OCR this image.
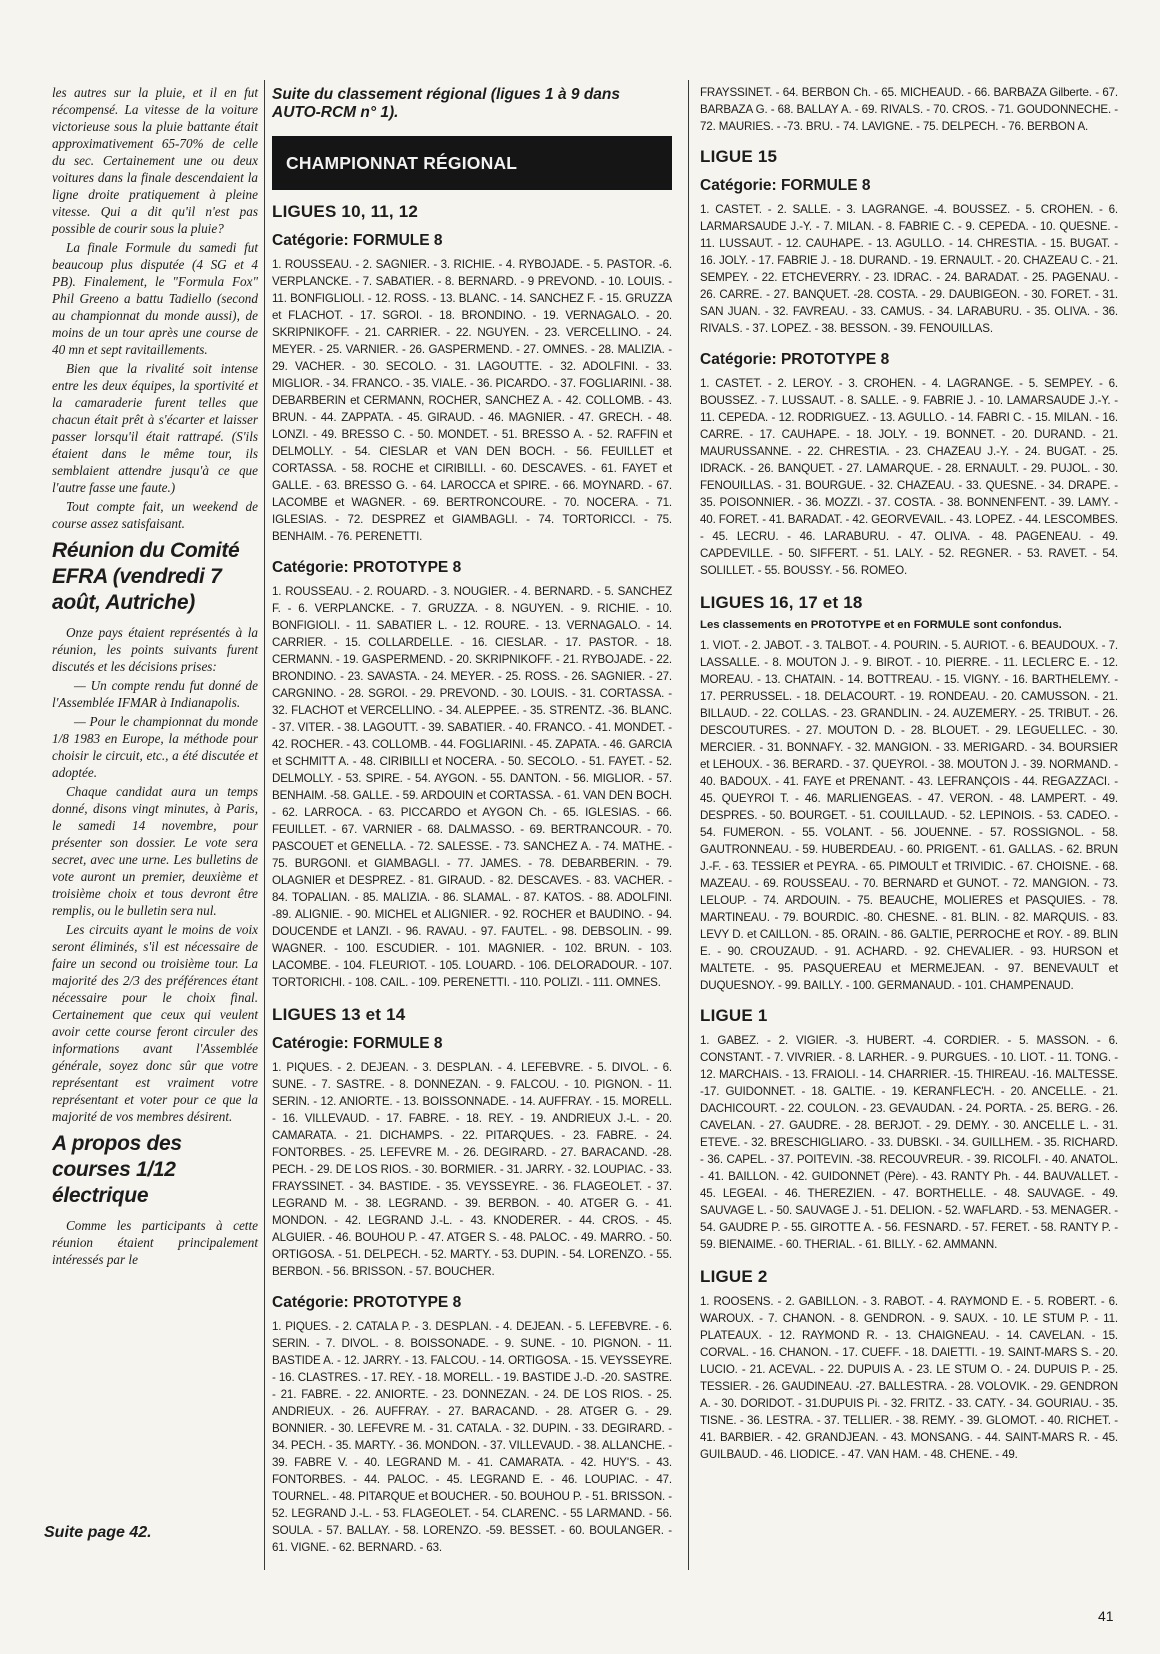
les autres sur la pluie, et il en fut récompensé. La vitesse de la voiture victorieuse sous la pluie battante était approximativement 65-70% de celle du sec. Certainement une ou deux voitures dans la finale descendaient la ligne droite pratiquement à pleine vitesse. Qui a dit qu'il n'est pas possible de courir sous la pluie?

La finale Formule du samedi fut beaucoup plus disputée (4 SG et 4 PB). Finalement, le "Formula Fox" Phil Greeno a battu Tadiello (second au championnat du monde aussi), de moins de un tour après une course de 40 mn et sept ravitaillements.

Bien que la rivalité soit intense entre les deux équipes, la sportivité et la camaraderie furent telles que chacun était prêt à s'écarter et laisser passer lorsqu'il était rattrapé. (S'ils étaient dans le même tour, ils semblaient attendre jusqu'à ce que l'autre fasse une faute.)

Tout compte fait, un weekend de course assez satisfaisant.

Réunion du Comité EFRA (vendredi 7 août, Autriche)

Onze pays étaient représentés à la réunion, les points suivants furent discutés et les décisions prises:

— Un compte rendu fut donné de l'Assemblée IFMAR à Indianapolis.

— Pour le championnat du monde 1/8 1983 en Europe, la méthode pour choisir le circuit, etc., a été discutée et adoptée.

Chaque candidat aura un temps donné, disons vingt minutes, à Paris, le samedi 14 novembre, pour présenter son dossier. Le vote sera secret, avec une urne. Les bulletins de vote auront un premier, deuxième et troisième choix et tous devront être remplis, ou le bulletin sera nul.

Les circuits ayant le moins de voix seront éliminés, s'il est nécessaire de faire un second ou troisième tour. La majorité des 2/3 des préférences étant nécessaire pour le choix final. Certainement que ceux qui veulent avoir cette course feront circuler des informations avant l'Assemblée générale, soyez donc sûr que votre représentant est vraiment votre représentant et voter pour ce que la majorité de vos membres désirent.

A propos des courses 1/12 électrique

Comme les participants à cette réunion étaient principalement intéressés par le

Suite page 42.

Suite du classement régional (ligues 1 à 9 dans AUTO-RCM n° 1).

CHAMPIONNAT RÉGIONAL
LIGUES 10, 11, 12
Catégorie: FORMULE 8

1. ROUSSEAU. - 2. SAGNIER. - 3. RICHIE. - 4. RYBOJADE. - 5. PASTOR. -6. VERPLANCKE. - 7. SABATIER. - 8. BERNARD. - 9 PREVOND. - 10. LOUIS. - 11. BONFIGLIOLI. - 12. ROSS. - 13. BLANC. - 14. SANCHEZ F. - 15. GRUZZA et FLACHOT. - 17. SGROI. - 18. BRONDINO. - 19. VERNAGALO. - 20. SKRIPNIKOFF. - 21. CARRIER. - 22. NGUYEN. - 23. VERCELLINO. - 24. MEYER. - 25. VARNIER. - 26. GASPERMEND. - 27. OMNES. - 28. MALIZIA. - 29. VACHER. - 30. SECOLO. - 31. LAGOUTTE. - 32. ADOLFINI. - 33. MIGLIOR. - 34. FRANCO. - 35. VIALE. - 36. PICARDO. - 37. FOGLIARINI. - 38. DEBARBERIN et CERMANN, ROCHER, SANCHEZ A. - 42. COLLOMB. - 43. BRUN. - 44. ZAPPATA. - 45. GIRAUD. - 46. MAGNIER. - 47. GRECH. - 48. LONZI. - 49. BRESSO C. - 50. MONDET. - 51. BRESSO A. - 52. RAFFIN et DELMOLLY. - 54. CIESLAR et VAN DEN BOCH. - 56. FEUILLET et CORTASSA. - 58. ROCHE et CIRIBILLI. - 60. DESCAVES. - 61. FAYET et GALLE. - 63. BRESSO G. - 64. LAROCCA et SPIRE. - 66. MOYNARD. - 67. LACOMBE et WAGNER. - 69. BERTRONCOURE. - 70. NOCERA. - 71. IGLESIAS. - 72. DESPREZ et GIAMBAGLI. - 74. TORTORICCI. - 75. BENHAIM. - 76. PERENETTI.

Catégorie: PROTOTYPE 8

1. ROUSSEAU. - 2. ROUARD. - 3. NOUGIER. - 4. BERNARD. - 5. SANCHEZ F. - 6. VERPLANCKE. - 7. GRUZZA. - 8. NGUYEN. - 9. RICHIE. - 10. BONFIGIOLI. - 11. SABATIER L. - 12. ROURE. - 13. VERNAGALO. - 14. CARRIER. - 15. COLLARDELLE. - 16. CIESLAR. - 17. PASTOR. - 18. CERMANN. - 19. GASPERMEND. - 20. SKRIPNIKOFF. - 21. RYBOJADE. - 22. BRONDINO. - 23. SAVASTA. - 24. MEYER. - 25. ROSS. - 26. SAGNIER. - 27. CARGNINO. - 28. SGROI. - 29. PREVOND. - 30. LOUIS. - 31. CORTASSA. - 32. FLACHOT et VERCELLINO. - 34. ALEPPEE. - 35. STRENTZ. -36. BLANC. - 37. VITER. - 38. LAGOUTT. - 39. SABATIER. - 40. FRANCO. - 41. MONDET. - 42. ROCHER. - 43. COLLOMB. - 44. FOGLIARINI. - 45. ZAPATA. - 46. GARCIA et SCHMITT A. - 48. CIRIBILLI et NOCERA. - 50. SECOLO. - 51. FAYET. - 52. DELMOLLY. - 53. SPIRE. - 54. AYGON. - 55. DANTON. - 56. MIGLIOR. - 57. BENHAIM. -58. GALLE. - 59. ARDOUIN et CORTASSA. - 61. VAN DEN BOCH. - 62. LARROCA. - 63. PICCARDO et AYGON Ch. - 65. IGLESIAS. - 66. FEUILLET. - 67. VARNIER - 68. DALMASSO. - 69. BERTRANCOUR. - 70. PASCOUET et GENELLA. - 72. SALESSE. - 73. SANCHEZ A. - 74. MATHE. - 75. BURGONI. et GIAMBAGLI. - 77. JAMES. - 78. DEBARBERIN. - 79. OLAGNIER et DESPREZ. - 81. GIRAUD. - 82. DESCAVES. - 83. VACHER. - 84. TOPALIAN. - 85. MALIZIA. - 86. SLAMAL. - 87. KATOS. - 88. ADOLFINI. -89. ALIGNIE. - 90. MICHEL et ALIGNIER. - 92. ROCHER et BAUDINO. - 94. DOUCENDE et LANZI. - 96. RAVAU. - 97. FAUTEL. - 98. DEBSOLIN. - 99. WAGNER. - 100. ESCUDIER. - 101. MAGNIER. - 102. BRUN. - 103. LACOMBE. - 104. FLEURIOT. - 105. LOUARD. - 106. DELORADOUR. - 107. TORTORICHI. - 108. CAIL. - 109. PERENETTI. - 110. POLIZI. - 111. OMNES.

LIGUES 13 et 14
Catérogie: FORMULE 8

1. PIQUES. - 2. DEJEAN. - 3. DESPLAN. - 4. LEFEBVRE. - 5. DIVOL. - 6. SUNE. - 7. SASTRE. - 8. DONNEZAN. - 9. FALCOU. - 10. PIGNON. - 11. SERIN. - 12. ANIORTE. - 13. BOISSONNADE. - 14. AUFFRAY. - 15. MORELL. - 16. VILLEVAUD. - 17. FABRE. - 18. REY. - 19. ANDRIEUX J.-L. - 20. CAMARATA. - 21. DICHAMPS. - 22. PITARQUES. - 23. FABRE. - 24. FONTORBES. - 25. LEFEVRE M. - 26. DEGIRARD. - 27. BARACAND. -28. PECH. - 29. DE LOS RIOS. - 30. BORMIER. - 31. JARRY. - 32. LOUPIAC. - 33. FRAYSSINET. - 34. BASTIDE. - 35. VEYSSEYRE. - 36. FLAGEOLET. - 37. LEGRAND M. - 38. LEGRAND. - 39. BERBON. - 40. ATGER G. - 41. MONDON. - 42. LEGRAND J.-L. - 43. KNODERER. - 44. CROS. - 45. ALGUIER. - 46. BOUHOU P. - 47. ATGER S. - 48. PALOC. - 49. MARRO. - 50. ORTIGOSA. - 51. DELPECH. - 52. MARTY. - 53. DUPIN. - 54. LORENZO. - 55. BERBON. - 56. BRISSON. - 57. BOUCHER.

Catégorie: PROTOTYPE 8

1. PIQUES. - 2. CATALA P. - 3. DESPLAN. - 4. DEJEAN. - 5. LEFEBVRE. - 6. SERIN. - 7. DIVOL. - 8. BOISSONADE. - 9. SUNE. - 10. PIGNON. - 11. BASTIDE A. - 12. JARRY. - 13. FALCOU. - 14. ORTIGOSA. - 15. VEYSSEYRE. - 16. CLASTRES. - 17. REY. - 18. MORELL. - 19. BASTIDE J.-D. -20. SASTRE. - 21. FABRE. - 22. ANIORTE. - 23. DONNEZAN. - 24. DE LOS RIOS. - 25. ANDRIEUX. - 26. AUFFRAY. - 27. BARACAND. - 28. ATGER G. - 29. BONNIER. - 30. LEFEVRE M. - 31. CATALA. - 32. DUPIN. - 33. DEGIRARD. - 34. PECH. - 35. MARTY. - 36. MONDON. - 37. VILLEVAUD. - 38. ALLANCHE. - 39. FABRE V. - 40. LEGRAND M. - 41. CAMARATA. - 42. HUY'S. - 43. FONTORBES. - 44. PALOC. - 45. LEGRAND E. - 46. LOUPIAC. - 47. TOURNEL. - 48. PITARQUE et BOUCHER. - 50. BOUHOU P. - 51. BRISSON. - 52. LEGRAND J.-L. - 53. FLAGEOLET. - 54. CLARENC. - 55 LARMAND. - 56. SOULA. - 57. BALLAY. - 58. LORENZO. -59. BESSET. - 60. BOULANGER. - 61. VIGNE. - 62. BERNARD. - 63.

FRAYSSINET. - 64. BERBON Ch. - 65. MICHEAUD. - 66. BARBAZA Gilberte. - 67. BARBAZA G. - 68. BALLAY A. - 69. RIVALS. - 70. CROS. - 71. GOUDONNECHE. - 72. MAURIES. - -73. BRU. - 74. LAVIGNE. - 75. DELPECH. - 76. BERBON A.

LIGUE 15
Catégorie: FORMULE 8

1. CASTET. - 2. SALLE. - 3. LAGRANGE. -4. BOUSSEZ. - 5. CROHEN. - 6. LARMARSAUDE J.-Y. - 7. MILAN. - 8. FABRIE C. - 9. CEPEDA. - 10. QUESNE. - 11. LUSSAUT. - 12. CAUHAPE. - 13. AGULLO. - 14. CHRESTIA. - 15. BUGAT. - 16. JOLY. - 17. FABRIE J. - 18. DURAND. - 19. ERNAULT. - 20. CHAZEAU C. - 21. SEMPEY. - 22. ETCHEVERRY. - 23. IDRAC. - 24. BARADAT. - 25. PAGENAU. - 26. CARRE. - 27. BANQUET. -28. COSTA. - 29. DAUBIGEON. - 30. FORET. - 31. SAN JUAN. - 32. FAVREAU. - 33. CAMUS. - 34. LARABURU. - 35. OLIVA. - 36. RIVALS. - 37. LOPEZ. - 38. BESSON. - 39. FENOUILLAS.

Catégorie: PROTOTYPE 8

1. CASTET. - 2. LEROY. - 3. CROHEN. - 4. LAGRANGE. - 5. SEMPEY. - 6. BOUSSEZ. - 7. LUSSAUT. - 8. SALLE. - 9. FABRIE J. - 10. LAMARSAUDE J.-Y. - 11. CEPEDA. - 12. RODRIGUEZ. - 13. AGULLO. - 14. FABRI C. - 15. MILAN. - 16. CARRE. - 17. CAUHAPE. - 18. JOLY. - 19. BONNET. - 20. DURAND. - 21. MAURUSSANNE. - 22. CHRESTIA. - 23. CHAZEAU J.-Y. - 24. BUGAT. - 25. IDRACK. - 26. BANQUET. - 27. LAMARQUE. - 28. ERNAULT. - 29. PUJOL. - 30. FENOUILLAS. - 31. BOURGUE. - 32. CHAZEAU. - 33. QUESNE. - 34. DRAPE. - 35. POISONNIER. - 36. MOZZI. - 37. COSTA. - 38. BONNENFENT. - 39. LAMY. - 40. FORET. - 41. BARADAT. - 42. GEORVEVAIL. - 43. LOPEZ. - 44. LESCOMBES. - 45. LECRU. - 46. LARABURU. - 47. OLIVA. - 48. PAGENEAU. - 49. CAPDEVILLE. - 50. SIFFERT. - 51. LALY. - 52. REGNER. - 53. RAVET. - 54. SOLILLET. - 55. BOUSSY. - 56. ROMEO.

LIGUES 16, 17 et 18
Les classements en PROTOTYPE et en FORMULE sont confondus.

1. VIOT. - 2. JABOT. - 3. TALBOT. - 4. POURIN. - 5. AURIOT. - 6. BEAUDOUX. - 7. LASSALLE. - 8. MOUTON J. - 9. BIROT. - 10. PIERRE. - 11. LECLERC E. - 12. MOREAU. - 13. CHATAIN. - 14. BOTTREAU. - 15. VIGNY. - 16. BARTHELEMY. - 17. PERRUSSEL. - 18. DELACOURT. - 19. RONDEAU. - 20. CAMUSSON. - 21. BILLAUD. - 22. COLLAS. - 23. GRANDLIN. - 24. AUZEMERY. - 25. TRIBUT. - 26. DESCOUTURES. - 27. MOUTON D. - 28. BLOUET. - 29. LEGUELLEC. - 30. MERCIER. - 31. BONNAFY. - 32. MANGION. - 33. MERIGARD. - 34. BOURSIER et LEHOUX. - 36. BERARD. - 37. QUEYROI. - 38. MOUTON J. - 39. NORMAND. - 40. BADOUX. - 41. FAYE et PRENANT. - 43. LEFRANÇOIS - 44. REGAZZACI. - 45. QUEYROI T. - 46. MARLIENGEAS. - 47. VERON. - 48. LAMPERT. - 49. DESPRES. - 50. BOURGET. - 51. COUILLAUD. - 52. LEPINOIS. - 53. CADEO. - 54. FUMERON. - 55. VOLANT. - 56. JOUENNE. - 57. ROSSIGNOL. - 58. GAUTRONNEAU. - 59. HUBERDEAU. - 60. PRIGENT. - 61. GALLAS. - 62. BRUN J.-F. - 63. TESSIER et PEYRA. - 65. PIMOULT et TRIVIDIC. - 67. CHOISNE. - 68. MAZEAU. - 69. ROUSSEAU. - 70. BERNARD et GUNOT. - 72. MANGION. - 73. LELOUP. - 74. ARDOUIN. - 75. BEAUCHE, MOLIERES et PASQUIES. - 78. MARTINEAU. - 79. BOURDIC. -80. CHESNE. - 81. BLIN. - 82. MARQUIS. - 83. LEVY D. et CAILLON. - 85. ORAIN. - 86. GALTIE, PERROCHE et ROY. - 89. BLIN E. - 90. CROUZAUD. - 91. ACHARD. - 92. CHEVALIER. - 93. HURSON et MALTETE. - 95. PASQUEREAU et MERMEJEAN. - 97. BENEVAULT et DUQUESNOY. - 99. BAILLY. - 100. GERMANAUD. - 101. CHAMPENAUD.

LIGUE 1

1. GABEZ. - 2. VIGIER. -3. HUBERT. -4. CORDIER. - 5. MASSON. - 6. CONSTANT. - 7. VIVRIER. - 8. LARHER. - 9. PURGUES. - 10. LIOT. - 11. TONG. - 12. MARCHAIS. - 13. FRAIOLI. - 14. CHARRIER. -15. THIREAU. -16. MALTESSE. -17. GUIDONNET. - 18. GALTIE. - 19. KERANFLEC'H. - 20. ANCELLE. - 21. DACHICOURT. - 22. COULON. - 23. GEVAUDAN. - 24. PORTA. - 25. BERG. - 26. CAVELAN. - 27. GAUDRE. - 28. BERJOT. - 29. DEMY. - 30. ANCELLE L. - 31. ETEVE. - 32. BRESCHIGLIARO. - 33. DUBSKI. - 34. GUILLHEM. - 35. RICHARD. - 36. CAPEL. - 37. POITEVIN. -38. RECOUVREUR. - 39. RICOLFI. - 40. ANATOL. - 41. BAILLON. - 42. GUIDONNET (Père). - 43. RANTY Ph. - 44. BAUVALLET. - 45. LEGEAI. - 46. THEREZIEN. - 47. BORTHELLE. - 48. SAUVAGE. - 49. SAUVAGE L. - 50. SAUVAGE J. - 51. DELION. - 52. WAFLARD. - 53. MENAGER. - 54. GAUDRE P. - 55. GIROTTE A. - 56. FESNARD. - 57. FERET. - 58. RANTY P. - 59. BIENAIME. - 60. THERIAL. - 61. BILLY. - 62. AMMANN.

LIGUE 2

1. ROOSENS. - 2. GABILLON. - 3. RABOT. - 4. RAYMOND E. - 5. ROBERT. - 6. WAROUX. - 7. CHANON. - 8. GENDRON. - 9. SAUX. - 10. LE STUM P. - 11. PLATEAUX. - 12. RAYMOND R. - 13. CHAIGNEAU. - 14. CAVELAN. - 15. CORVAL. - 16. CHANON. - 17. CUEFF. - 18. DAIETTI. - 19. SAINT-MARS S. - 20. LUCIO. - 21. ACEVAL. - 22. DUPUIS A. - 23. LE STUM O. - 24. DUPUIS P. - 25. TESSIER. - 26. GAUDINEAU. -27. BALLESTRA. - 28. VOLOVIK. - 29. GENDRON A. - 30. DORIDOT. - 31.DUPUIS Pi. - 32. FRITZ. - 33. CATY. - 34. GOURIAU. - 35. TISNE. - 36. LESTRA. - 37. TELLIER. - 38. REMY. - 39. GLOMOT. - 40. RICHET. - 41. BARBIER. - 42. GRANDJEAN. - 43. MONSANG. - 44. SAINT-MARS R. - 45. GUILBAUD. - 46. LIODICE. - 47. VAN HAM. - 48. CHENE. - 49.

41
